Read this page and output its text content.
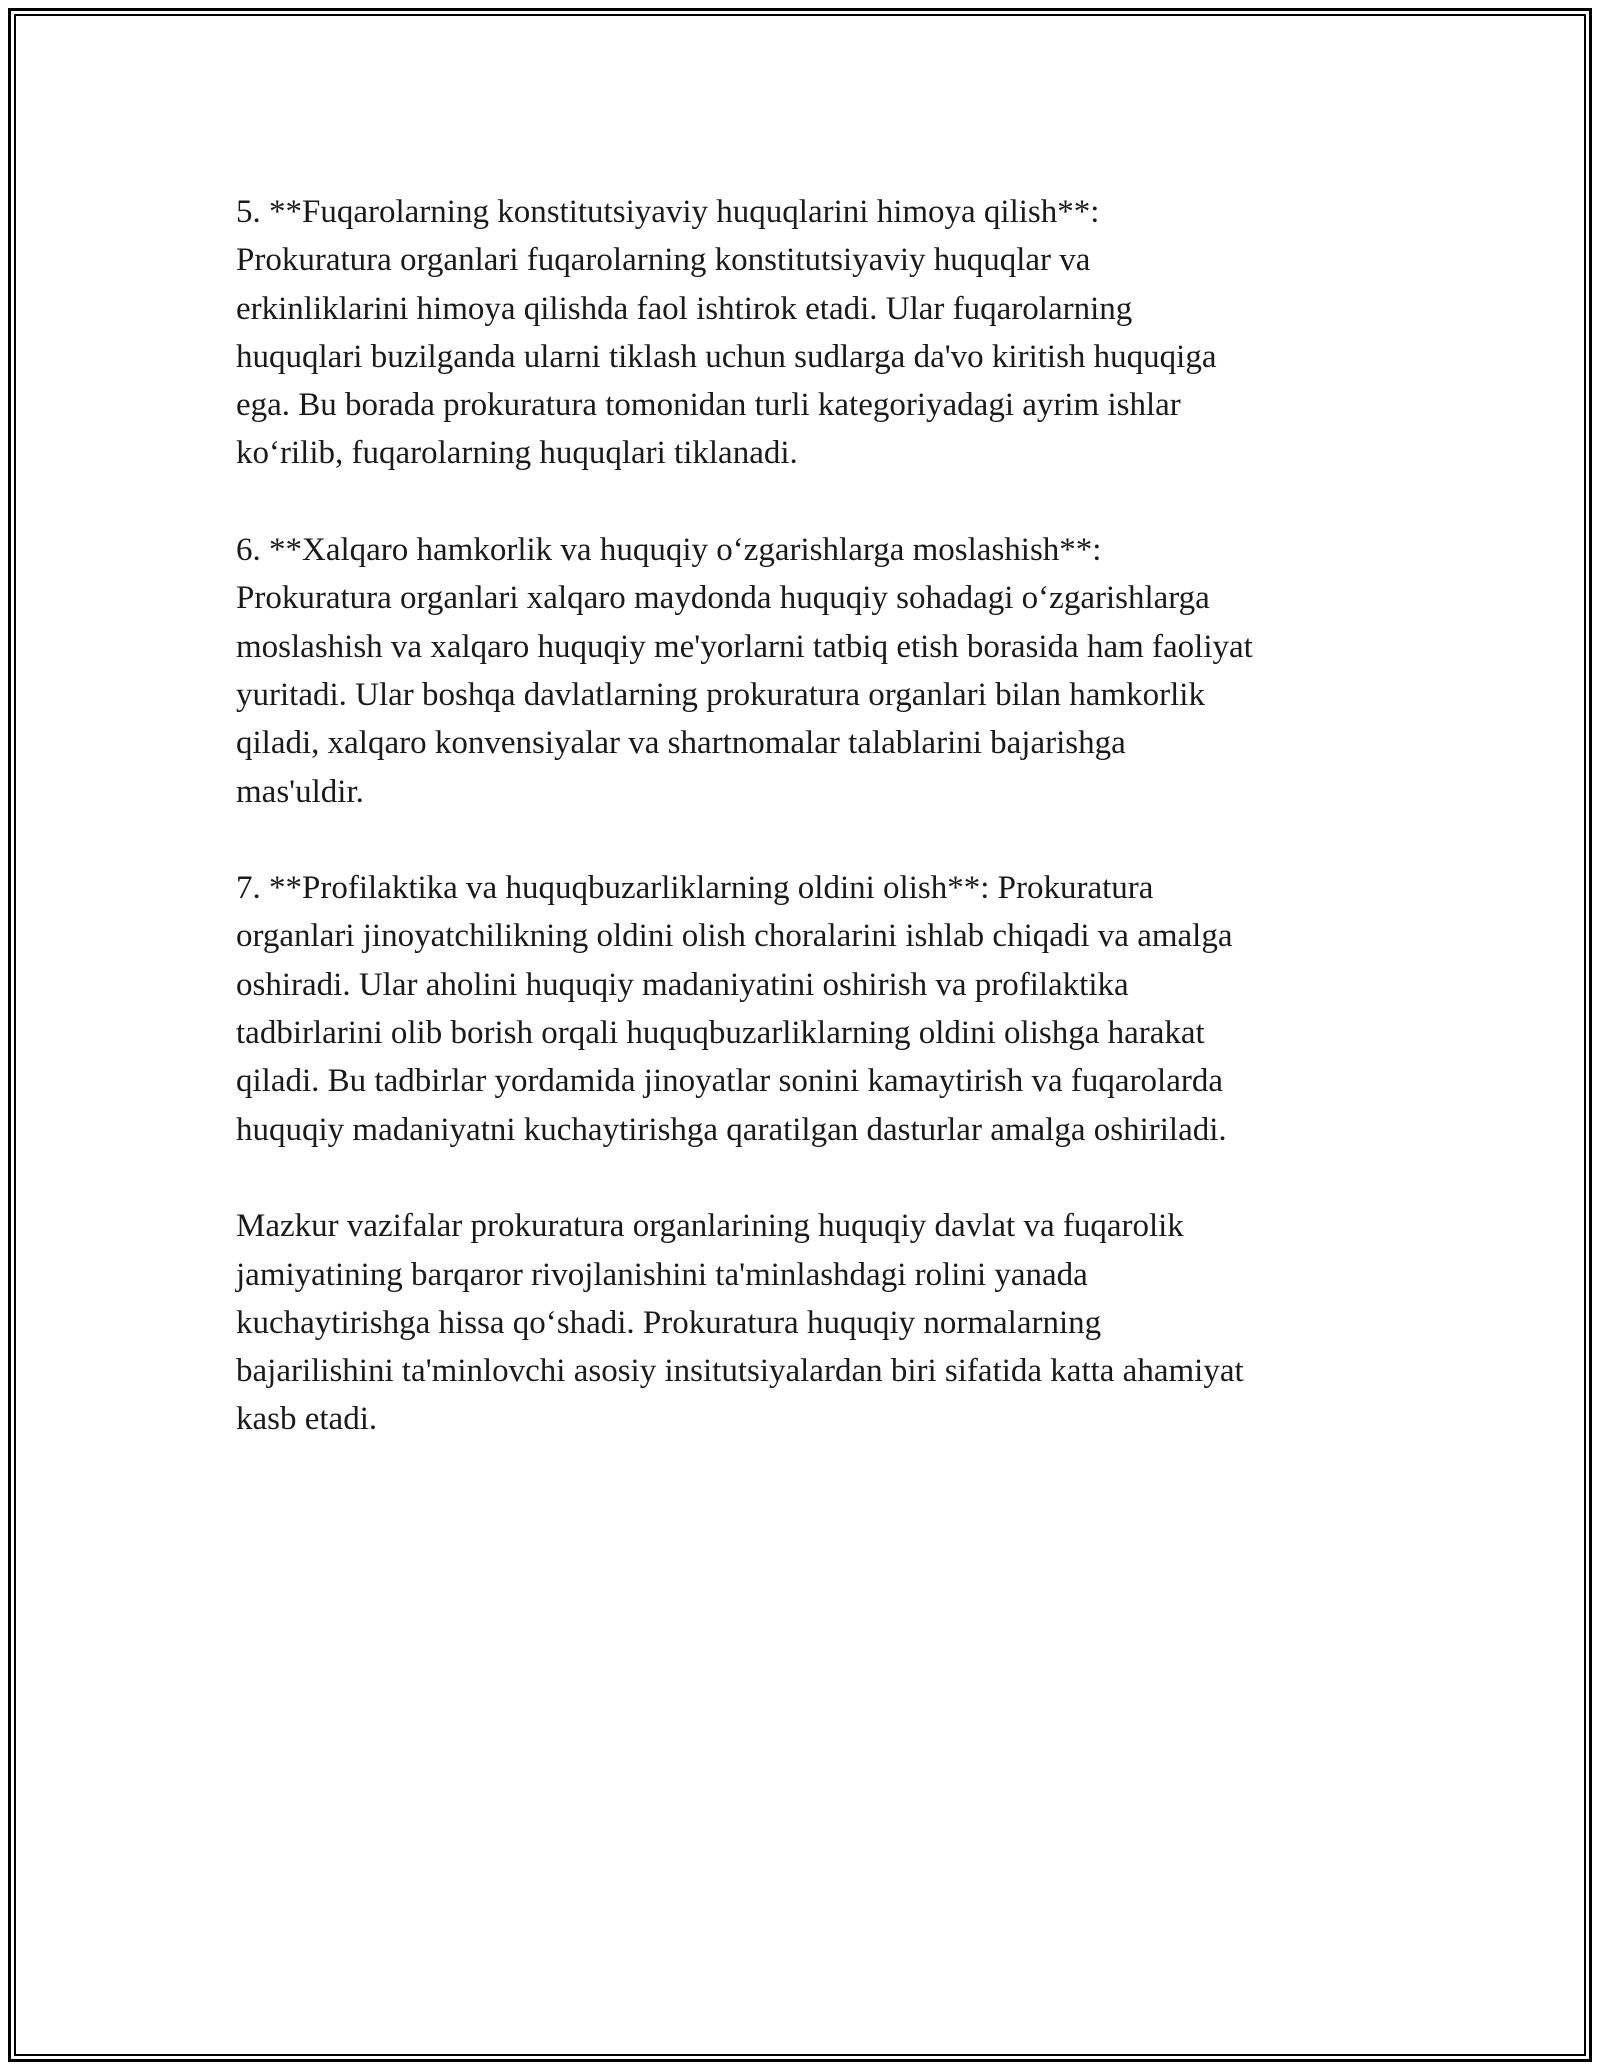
5. **Fuqarolarning konstitutsiyaviy huquqlarini himoya qilish**:
Prokuratura organlari fuqarolarning konstitutsiyaviy huquqlar va
erkinliklarini himoya qilishda faol ishtirok etadi. Ular fuqarolarning
huquqlari buzilganda ularni tiklash uchun sudlarga da'vo kiritish huquqiga
ega. Bu borada prokuratura tomonidan turli kategoriyadagi ayrim ishlar
ko‘rilib, fuqarolarning huquqlari tiklanadi.

6. **Xalqaro hamkorlik va huquqiy o‘zgarishlarga moslashish**:
Prokuratura organlari xalqaro maydonda huquqiy sohadagi o‘zgarishlarga
moslashish va xalqaro huquqiy me'yorlarni tatbiq etish borasida ham faoliyat
yuritadi. Ular boshqa davlatlarning prokuratura organlari bilan hamkorlik
qiladi, xalqaro konvensiyalar va shartnomalar talablarini bajarishga
mas'uldir.

7. **Profilaktika va huquqbuzarliklarning oldini olish**: Prokuratura
organlari jinoyatchilikning oldini olish choralarini ishlab chiqadi va amalga
oshiradi. Ular aholini huquqiy madaniyatini oshirish va profilaktika
tadbirlarini olib borish orqali huquqbuzarliklarning oldini olishga harakat
qiladi. Bu tadbirlar yordamida jinoyatlar sonini kamaytirish va fuqarolarda
huquqiy madaniyatni kuchaytirishga qaratilgan dasturlar amalga oshiriladi.

Mazkur vazifalar prokuratura organlarining huquqiy davlat va fuqarolik
jamiyatining barqaror rivojlanishini ta'minlashdagi rolini yanada
kuchaytirishga hissa qo‘shadi. Prokuratura huquqiy normalarning
bajarilishini ta'minlovchi asosiy insitutsiyalardan biri sifatida katta ahamiyat
kasb etadi.
